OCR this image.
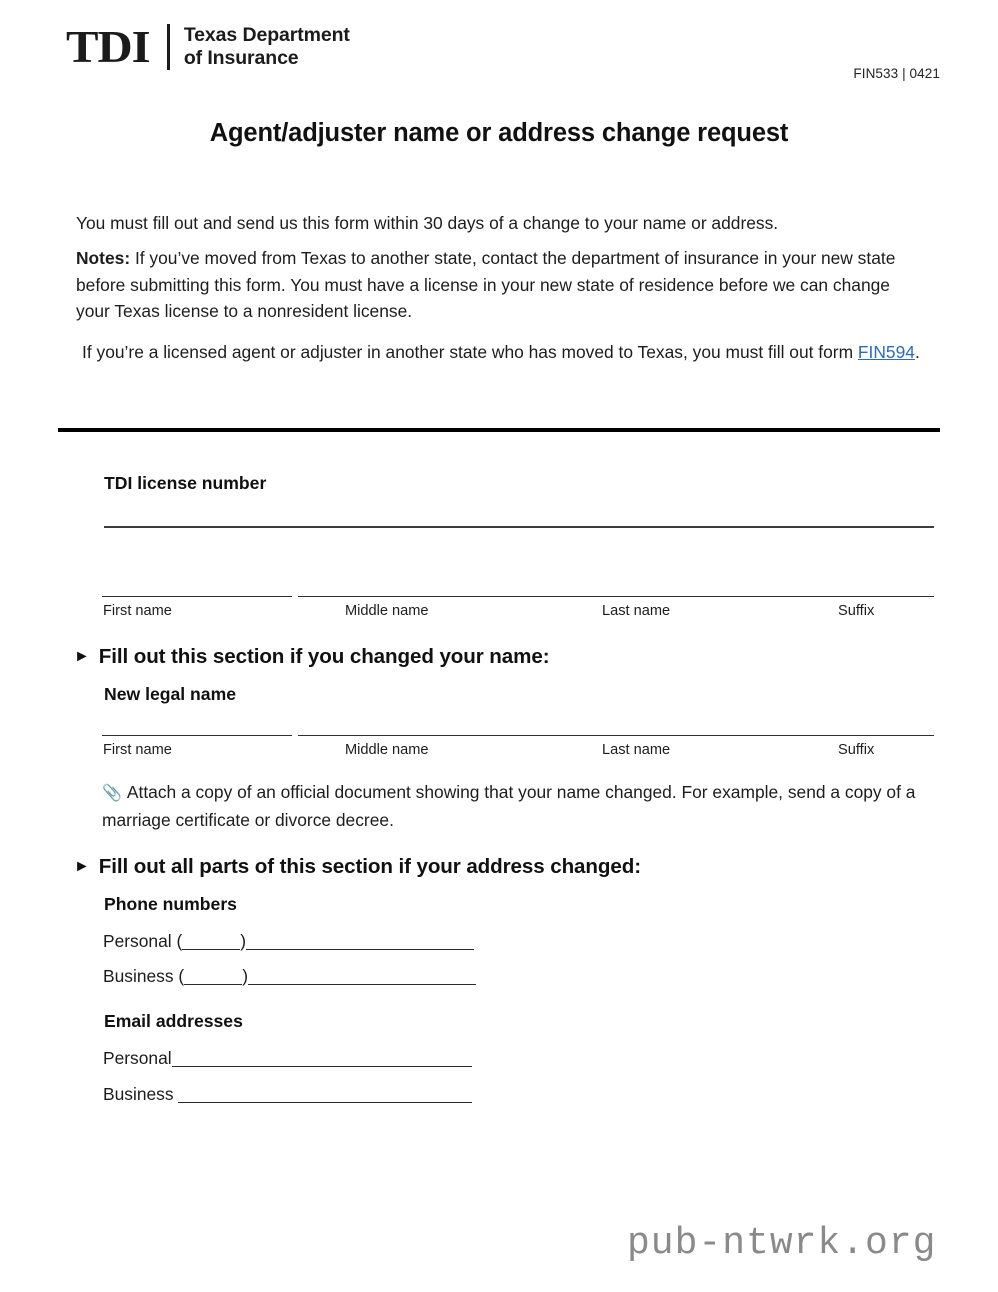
TDI Texas Department
of Insurance
FIN533 | 0421
Agent/adjuster name or address change request

You must fill out and send us this form within 30 days of a change to your name or address.

Notes: If you’ve moved from Texas to another state, contact the department of insurance in your new state before submitting this form. You must have a license in your new state of residence before we can change your Texas license to a nonresident license.

If you’re a licensed agent or adjuster in another state who has moved to Texas, you must fill out form FIN594.

TDI license number
First name	Middle name	Last name	Suffix
► Fill out this section if you changed your name:
New legal name
First name	Middle name	Last name	Suffix
📎 Attach a copy of an official document showing that your name changed. For example, send a copy of a marriage certificate or divorce decree.
► Fill out all parts of this section if your address changed:
Phone numbers
Personal (	)
Business (	)
Email addresses
Personal
Business
pub-ntwrk.org
